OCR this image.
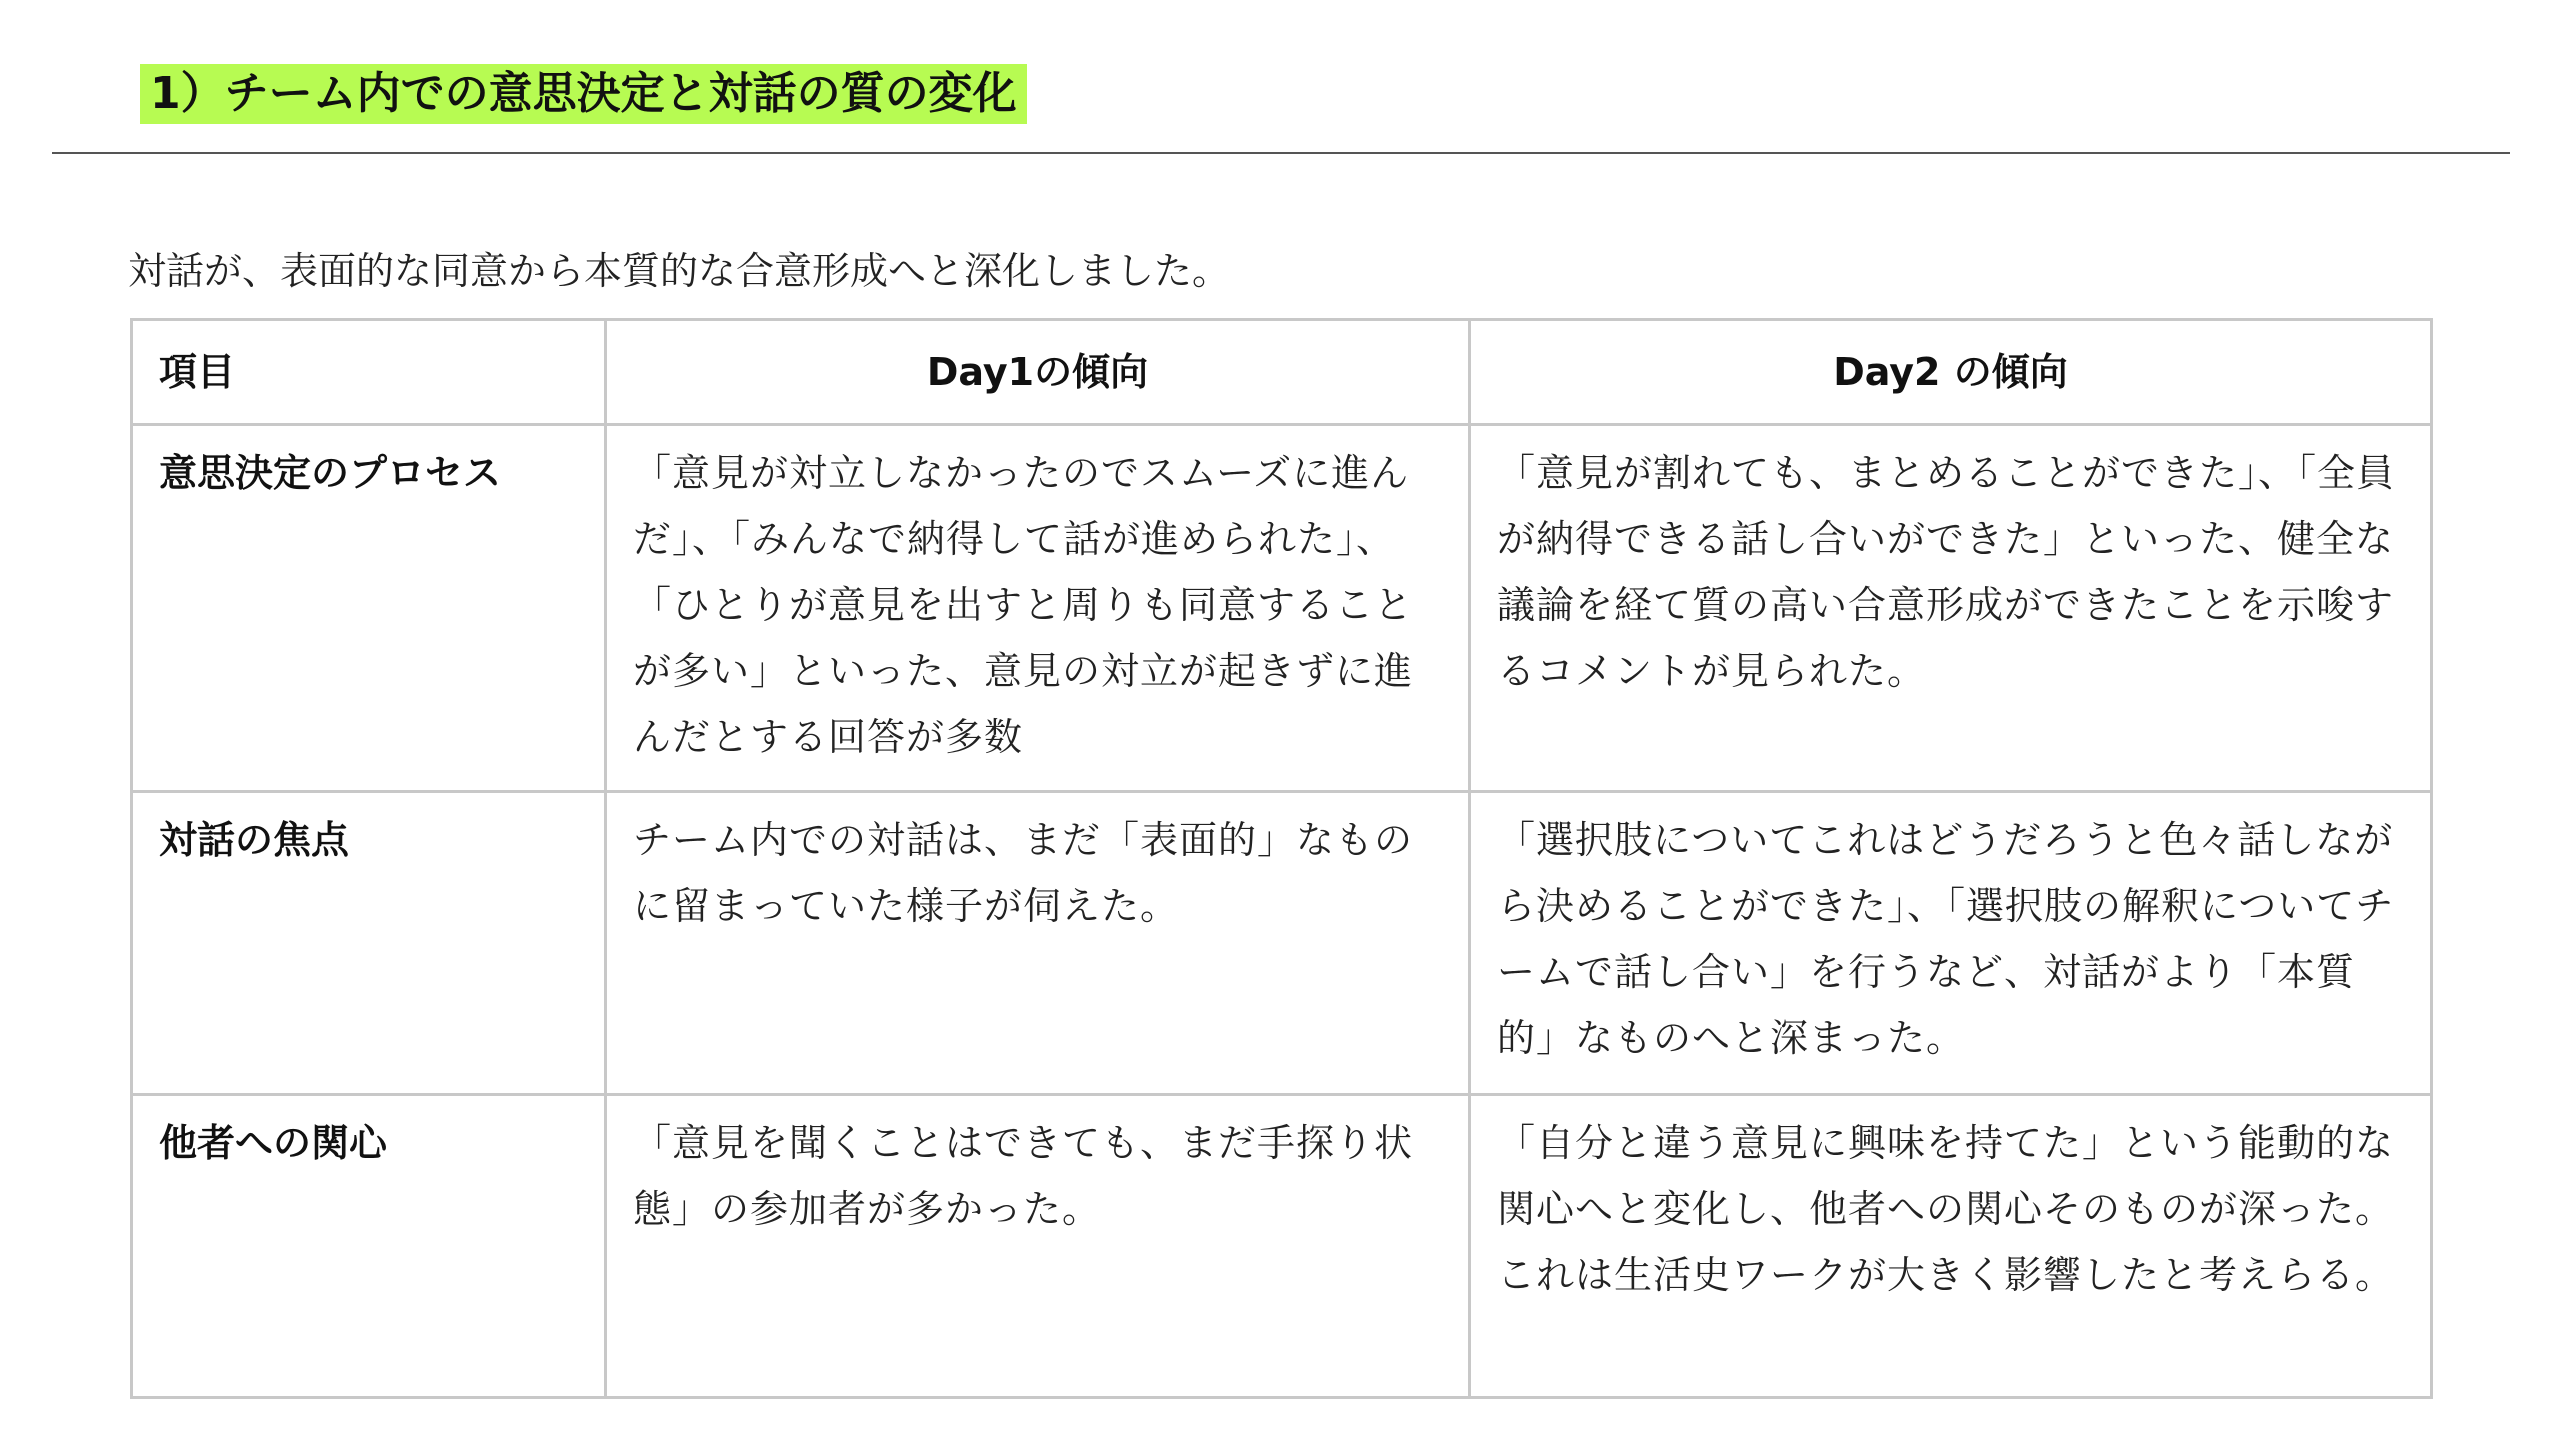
1）チーム内での意思決定と対話の質の変化

対話が、表面的な同意から本質的な合意形成へと深化しました。

項目	Day1の傾向	Day2 の傾向
意思決定のプロセス	「意見が対立しなかったのでスムーズに進んだ」、「みんなで納得して話が進められた」、「ひとりが意見を出すと周りも同意することが多い」といった、意見の対立が起きずに進んだとする回答が多数	「意見が割れても、まとめることができた」、「全員が納得できる話し合いができた」といった、健全な議論を経て質の高い合意形成ができたことを示唆するコメントが見られた。
対話の焦点	チーム内での対話は、まだ「表面的」なものに留まっていた様子が伺えた。	「選択肢についてこれはどうだろうと色々話しながら決めることができた」、「選択肢の解釈についてチームで話し合い」を行うなど、対話がより「本質的」なものへと深まった。
他者への関心	「意見を聞くことはできても、まだ手探り状態」の参加者が多かった。	「自分と違う意見に興味を持てた」という能動的な関心へと変化し、他者への関心そのものが深った。これは生活史ワークが大きく影響したと考えらる。
